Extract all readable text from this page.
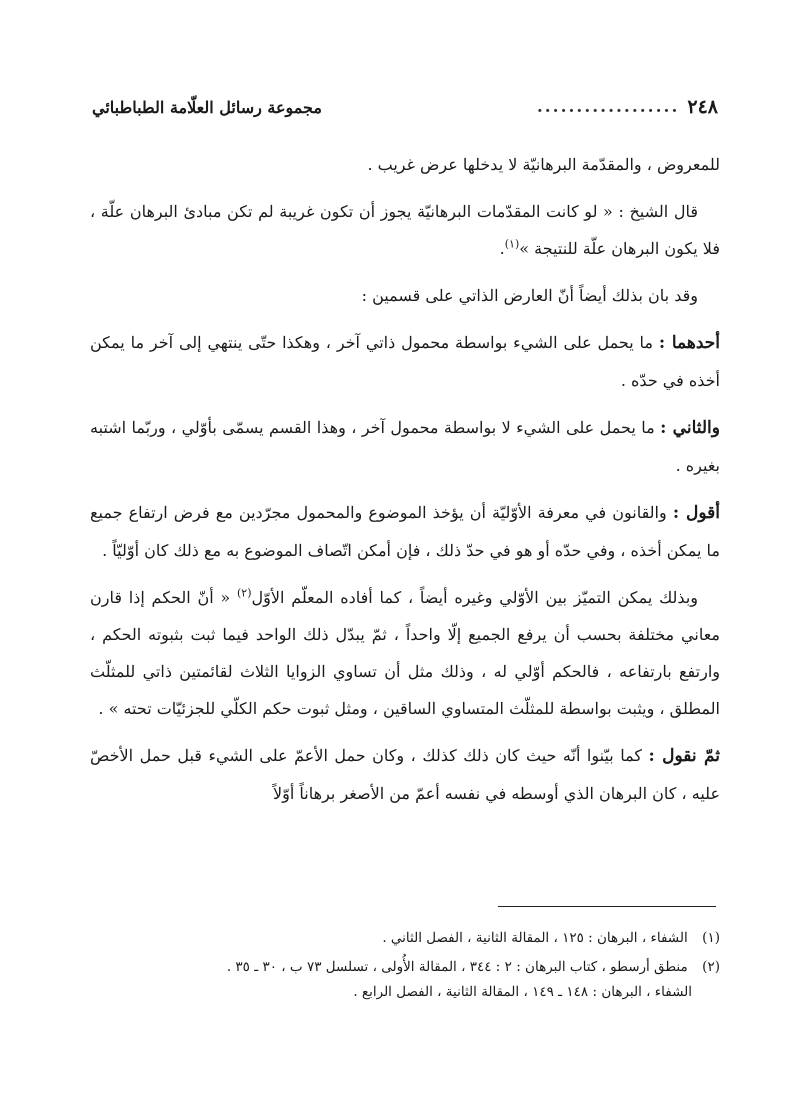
٢٤٨
..................
مجموعة رسائل العلّامة الطباطبائي

للمعروض ، والمقدّمة البرهانيّة لا يدخلها عرض غريب .

قال الشيخ : « لو كانت المقدّمات البرهانيّة يجوز أن تكون غريبة لم تكن مبادئ البرهان علّة ، فلا يكون البرهان علّة للنتيجة »$^{(١)}$.

وقد بان بذلك أيضاً أنّ العارض الذاتي على قسمين :

أحدهما : ما يحمل على الشيء بواسطة محمول ذاتي آخر ، وهكذا حتّى ينتهي إلى آخر ما يمكن أخذه في حدّه .

والثاني : ما يحمل على الشيء لا بواسطة محمول آخر ، وهذا القسم يسمّى بأوّلي ، وربّما اشتبه بغيره .

أقول : والقانون في معرفة الأوّليّة أن يؤخذ الموضوع والمحمول مجرّدين مع فرض ارتفاع جميع ما يمكن أخذه ، وفي حدّه أو هو في حدّ ذلك ، فإن أمكن اتّصاف الموضوع به مع ذلك كان أوّليّاً .

وبذلك يمكن التميّز بين الأوّلي وغيره أيضاً ، كما أفاده المعلّم الأوّل$^{(٢)}$ « أنّ الحكم إذا قارن معاني مختلفة بحسب أن يرفع الجميع إلّا واحداً ، ثمّ يبدّل ذلك الواحد فيما ثبت بثبوته الحكم ، وارتفع بارتفاعه ، فالحكم أوّلي له ، وذلك مثل أن تساوي الزوايا الثلاث لقائمتين ذاتي للمثلّث المطلق ، ويثبت بواسطة للمثلّث المتساوي الساقين ، ومثل ثبوت حكم الكلّي للجزئيّات تحته » .

ثمّ نقول : كما بيّنوا أنّه حيث كان ذلك كذلك ، وكان حمل الأعمّ على الشيء قبل حمل الأخصّ عليه ، كان البرهان الذي أوسطه في نفسه أعمّ من الأصغر برهاناً أوّلاً

(١) الشفاء ، البرهان : ١٢٥ ، المقالة الثانية ، الفصل الثاني .
(٢) منطق أرسطو ، كتاب البرهان : ٢ : ٣٤٤ ، المقالة الأُولى ، تسلسل ٧٣ ب ، ٣٠ ـ ٣٥ .
الشفاء ، البرهان : ١٤٨ ـ ١٤٩ ، المقالة الثانية ، الفصل الرابع .
